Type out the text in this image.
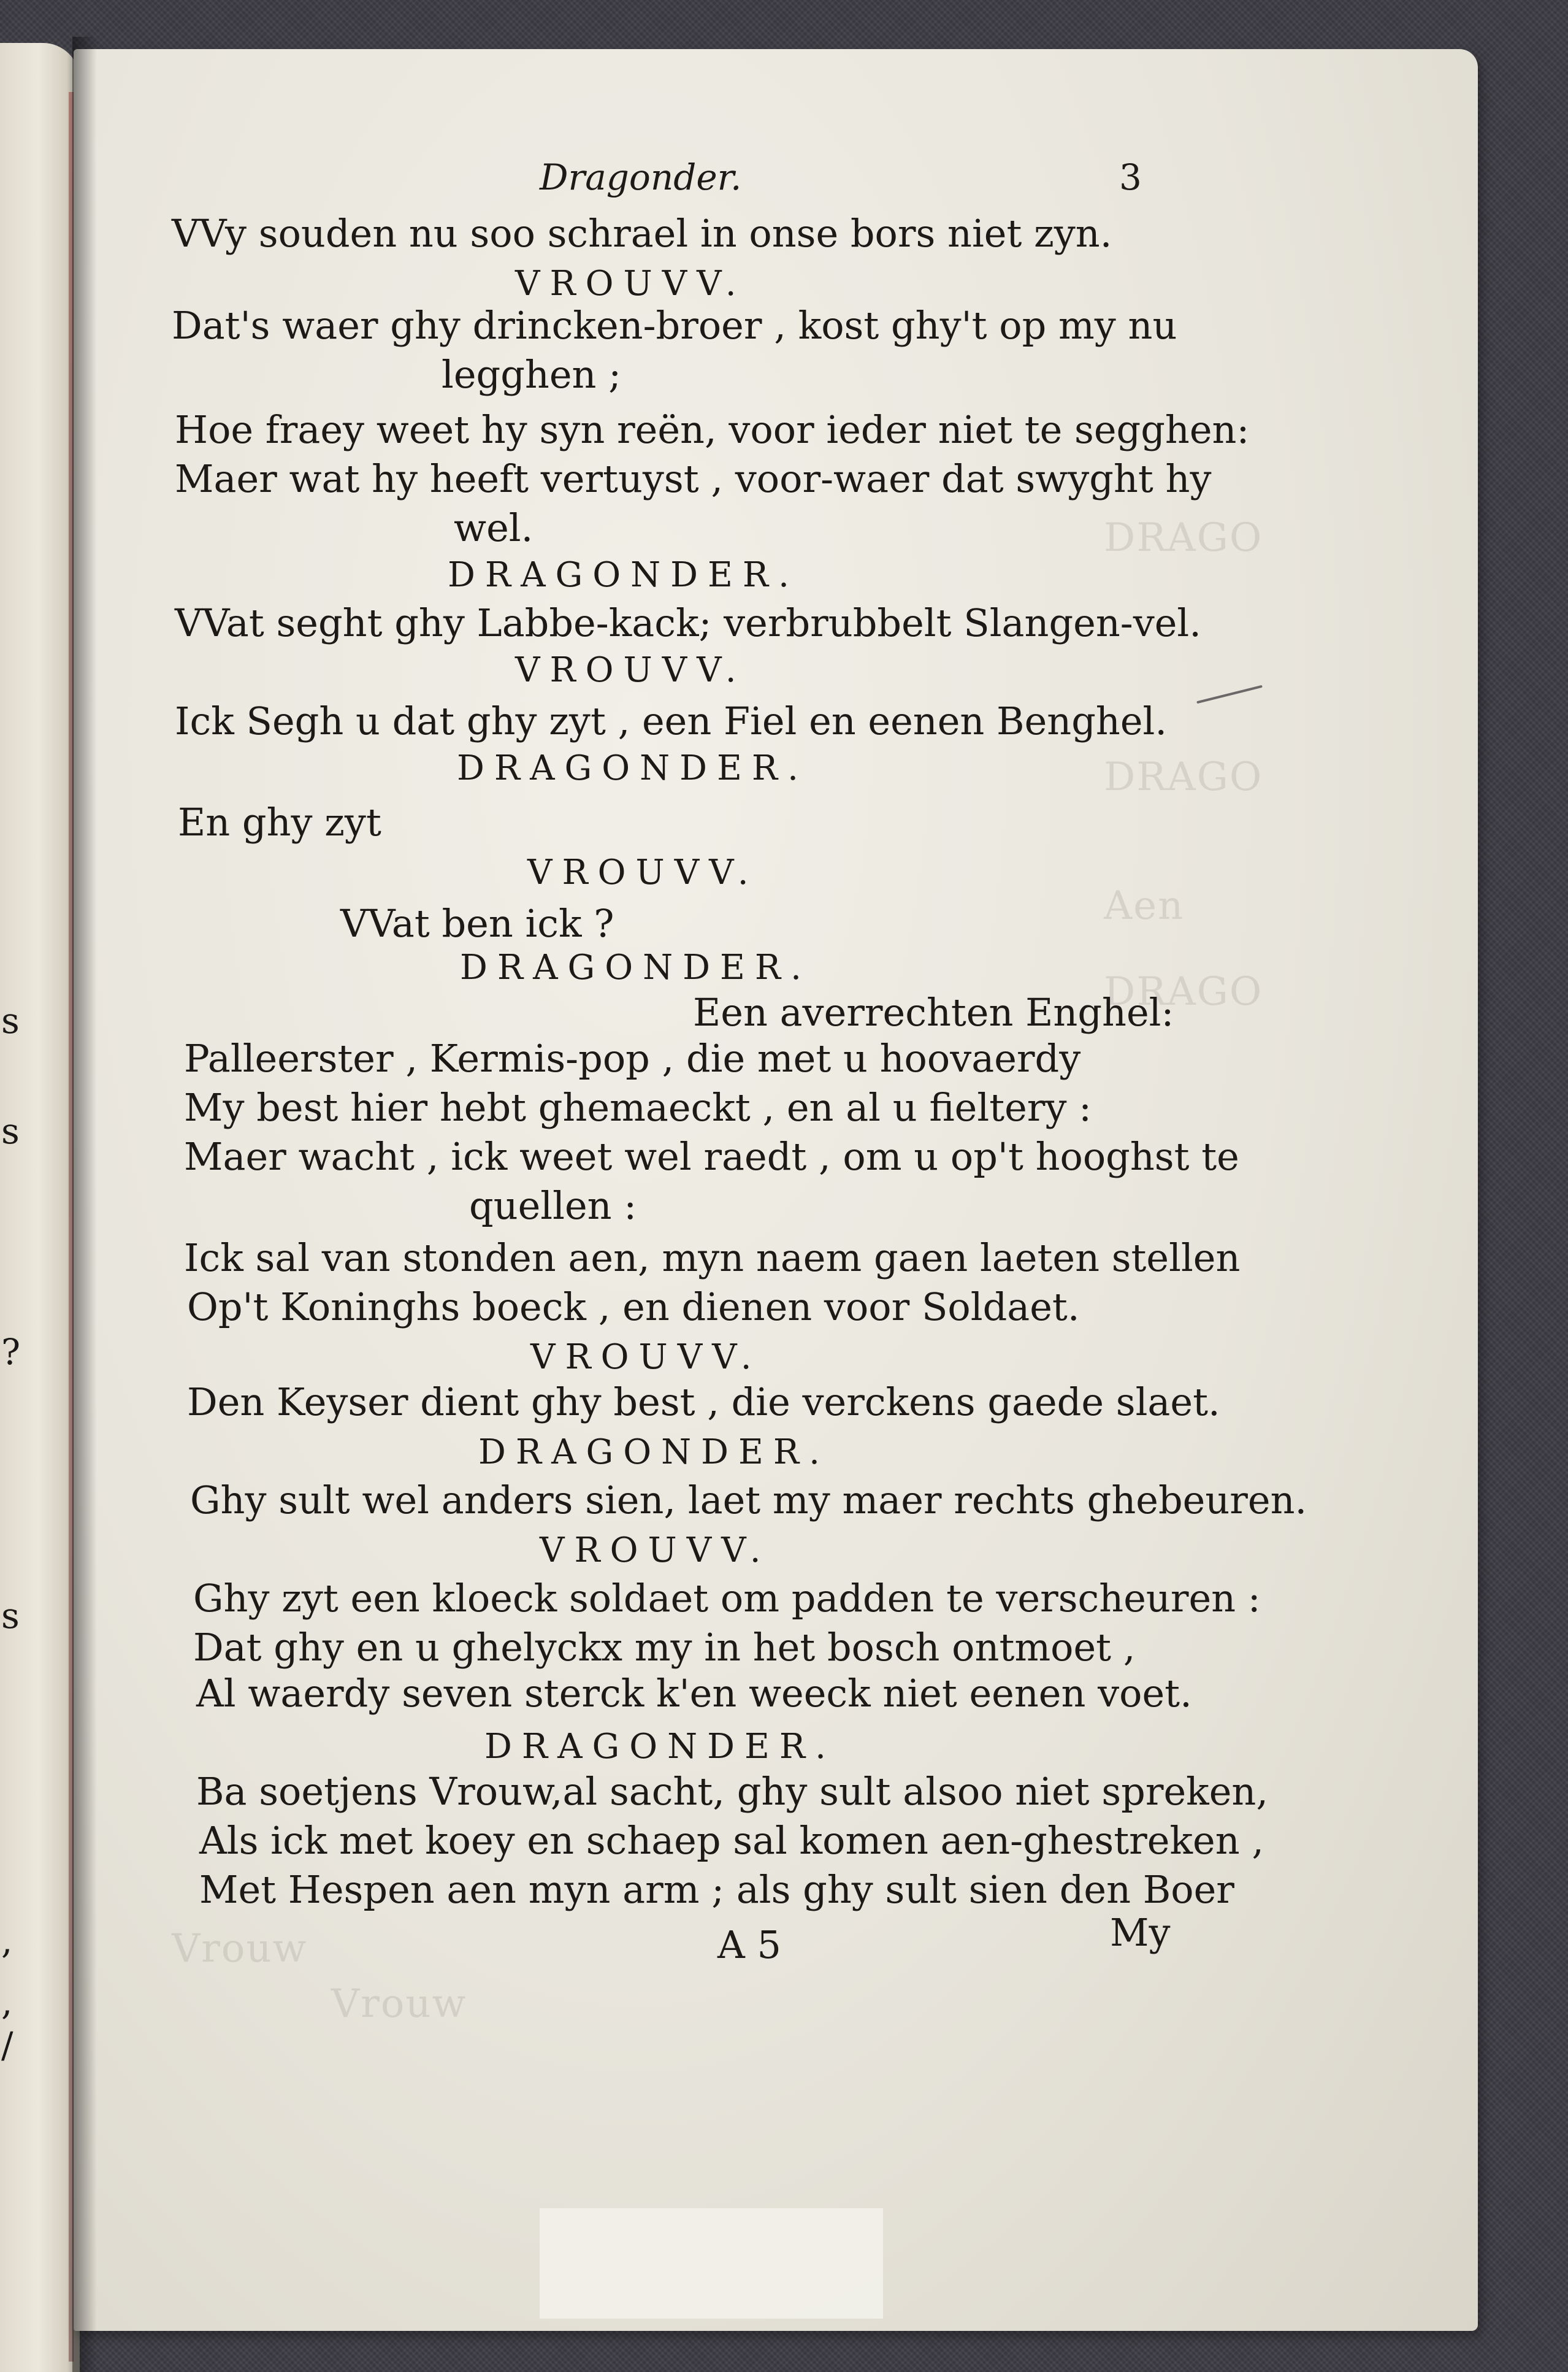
s
s
?
s
,
,
/
DRAGO
DRAGO
Aen
DRAGO
Vrouw
Vrouw
Dragonder.	3
VVy souden nu soo schrael in onse bors niet zyn.
VROUVV.
Dat's waer ghy drincken-broer , kost ghy't op my nu
legghen ;
Hoe fraey weet hy syn reën, voor ieder niet te segghen:
Maer wat hy heeft vertuyst , voor-waer dat swyght hy
wel.
DRAGONDER.
VVat seght ghy Labbe-kack; verbrubbelt Slangen-vel.
VROUVV.
Ick Segh u dat ghy zyt , een Fiel en eenen Benghel.
DRAGONDER.
En ghy zyt
VROUVV.
VVat ben ick ?
DRAGONDER.
Een averrechten Enghel:
Palleerster , Kermis-pop , die met u hoovaerdy
My best hier hebt ghemaeckt , en al u fieltery :
Maer wacht , ick weet wel raedt , om u op't hooghst te
quellen :
Ick sal van stonden aen, myn naem gaen laeten stellen
Op't Koninghs boeck , en dienen voor Soldaet.
VROUVV.
Den Keyser dient ghy best , die verckens gaede slaet.
DRAGONDER.
Ghy sult wel anders sien, laet my maer rechts ghebeuren.
VROUVV.
Ghy zyt een kloeck soldaet om padden te verscheuren :
Dat ghy en u ghelyckx my in het bosch ontmoet ,
Al waerdy seven sterck k'en weeck niet eenen voet.
DRAGONDER.
Ba soetjens Vrouw,al sacht, ghy sult alsoo niet spreken,
Als ick met koey en schaep sal komen aen-ghestreken ,
Met Hespen aen myn arm ; als ghy sult sien den Boer
A 5	My
